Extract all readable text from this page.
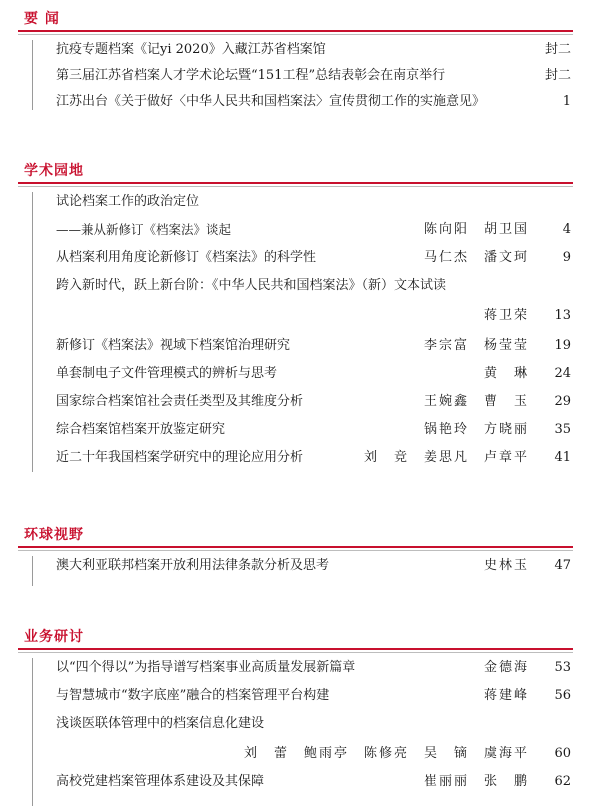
要 闻
抗疫专题档案《记yi 2020》入藏江苏省档案馆	封二
第三届江苏省档案人才学术论坛暨“151工程”总结表彰会在南京举行	封二
江苏出台《关于做好〈中华人民共和国档案法〉宣传贯彻工作的实施意见》	1
学术园地
试论档案工作的政治定位
——兼从新修订《档案法》谈起	陈向阳　胡卫国	4
从档案利用角度论新修订《档案法》的科学性	马仁杰　潘文珂	9
跨入新时代，跃上新台阶：《中华人民共和国档案法》（新）文本试读
蒋卫荣 13
新修订《档案法》视域下档案馆治理研究	李宗富　杨莹莹 19
单套制电子文件管理模式的辨析与思考	黄　琳 24
国家综合档案馆社会责任类型及其维度分析	王婉鑫　曹　玉 29
综合档案馆档案开放鉴定研究	锅艳玲　方晓丽 35
近二十年我国档案学研究中的理论应用分析	刘　竞　姜思凡　卢章平 41
环球视野
澳大利亚联邦档案开放利用法律条款分析及思考	史林玉 47
业务研讨
以“四个得以”为指导谱写档案事业高质量发展新篇章	金德海 53
与智慧城市“数字底座”融合的档案管理平台构建	蒋建峰 56
浅谈医联体管理中的档案信息化建设
刘　蕾　鲍雨亭　陈修亮　吴　镝　虞海平 60
高校党建档案管理体系建设及其保障	崔丽丽　张　鹏 62
